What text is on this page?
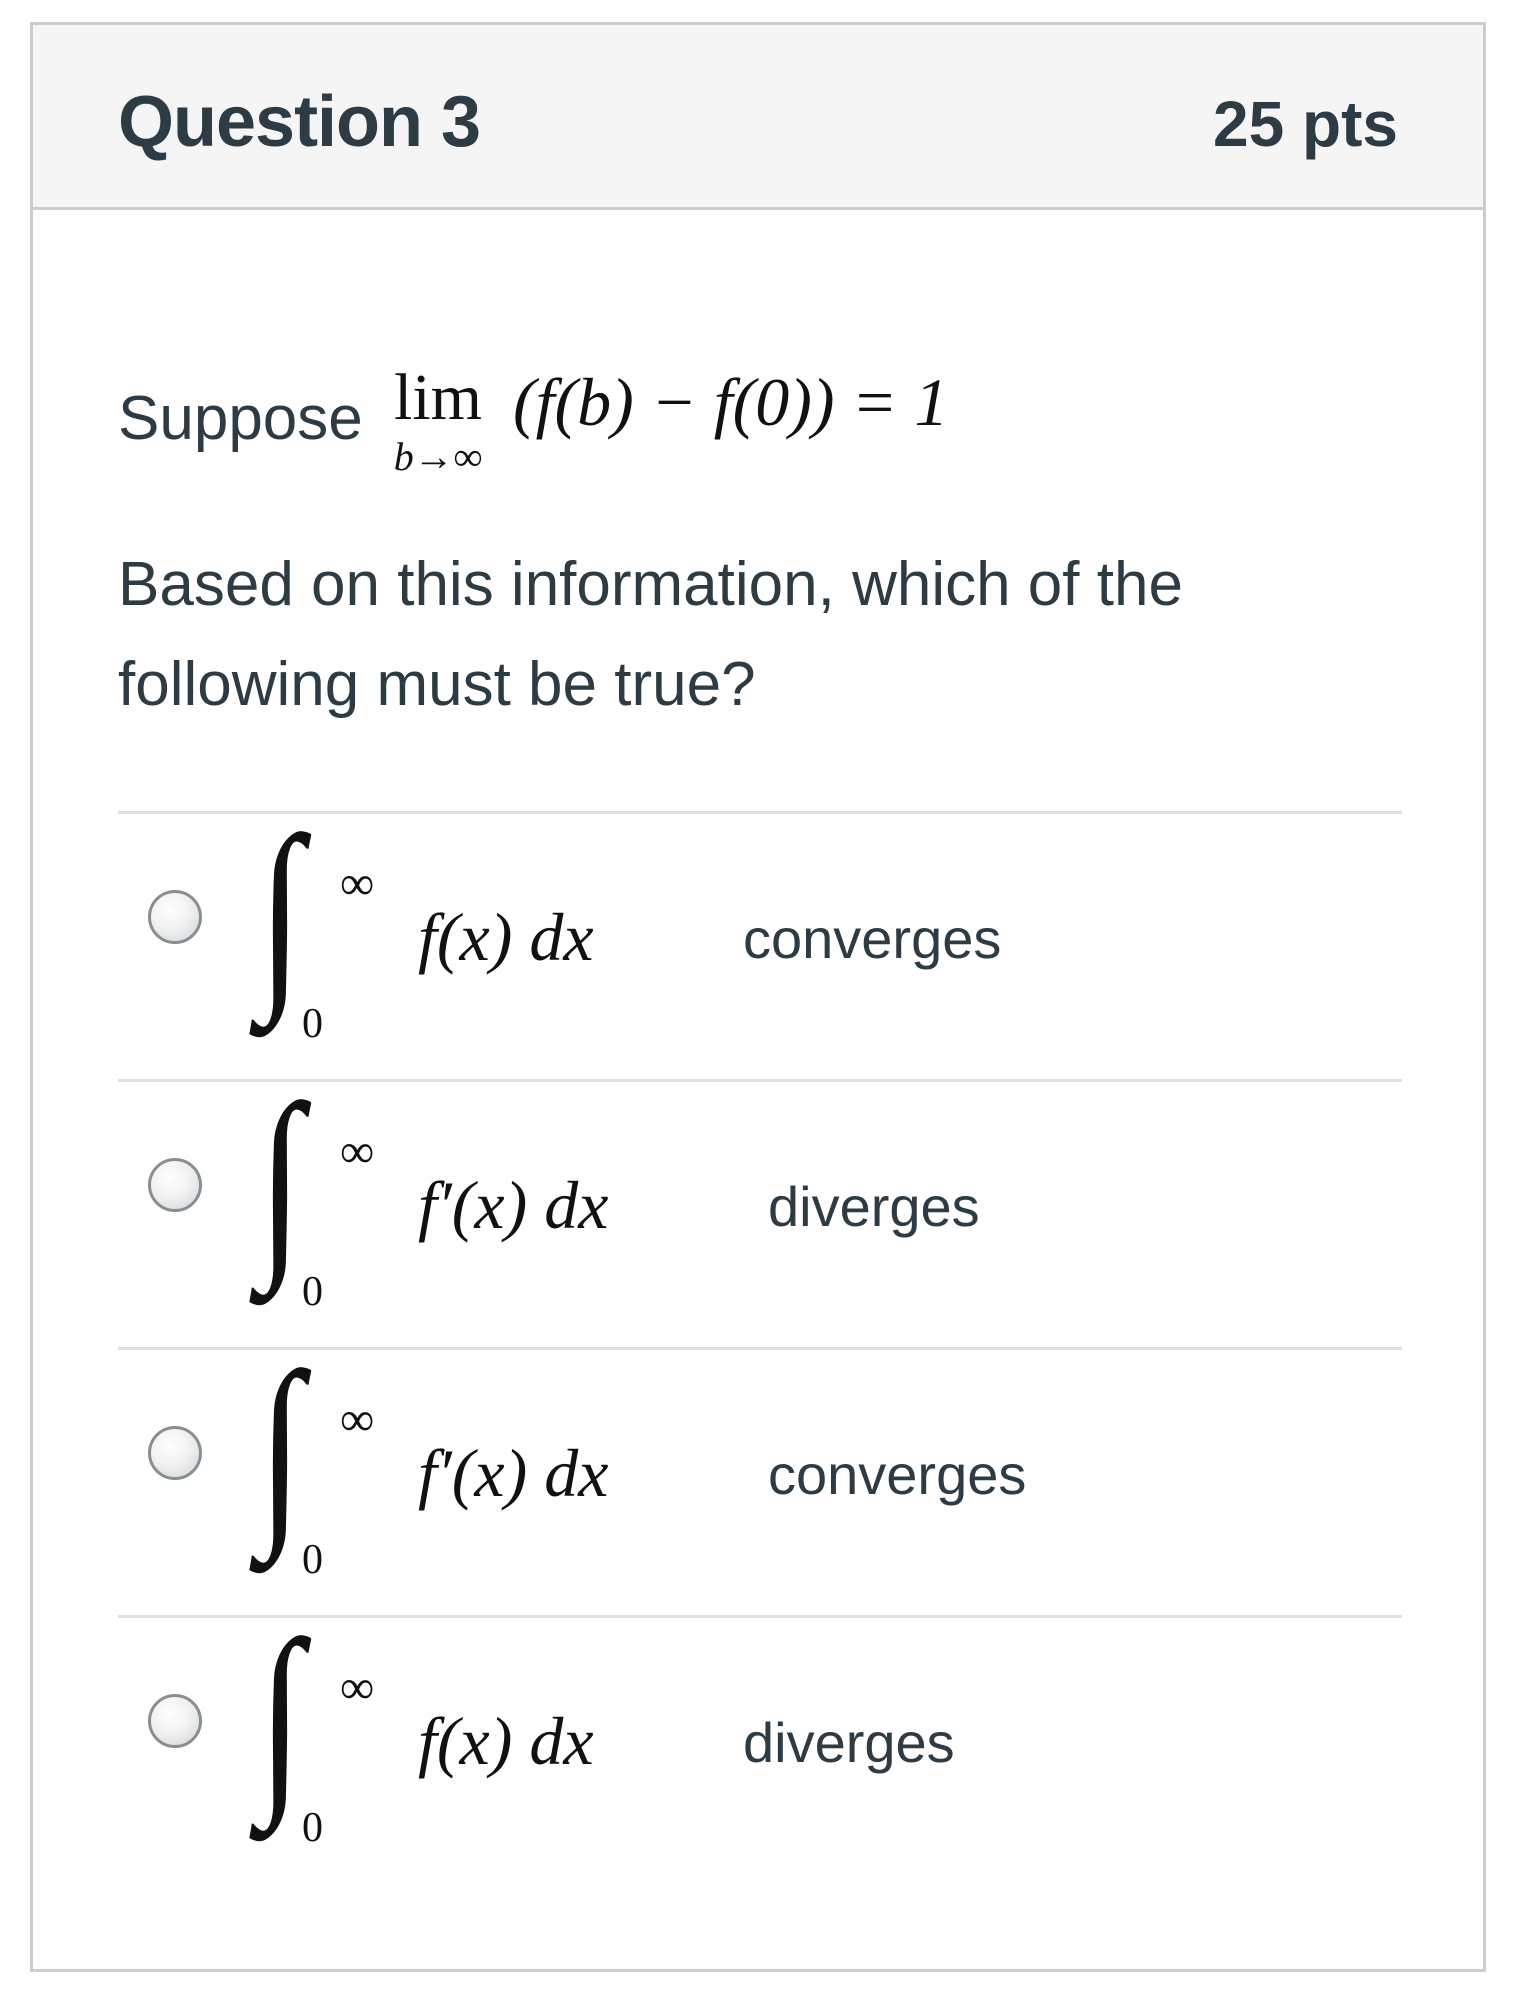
Question 3	25 pts
Suppose lim
b→∞
(f(b) − f(0)) = 1
Based on this information, which of the
following must be true?
∫ ∞
0
f(x) dx	converges
∫ ∞
0
f′(x) dx	diverges
∫ ∞
0
f′(x) dx	converges
∫ ∞
0
f(x) dx	diverges
